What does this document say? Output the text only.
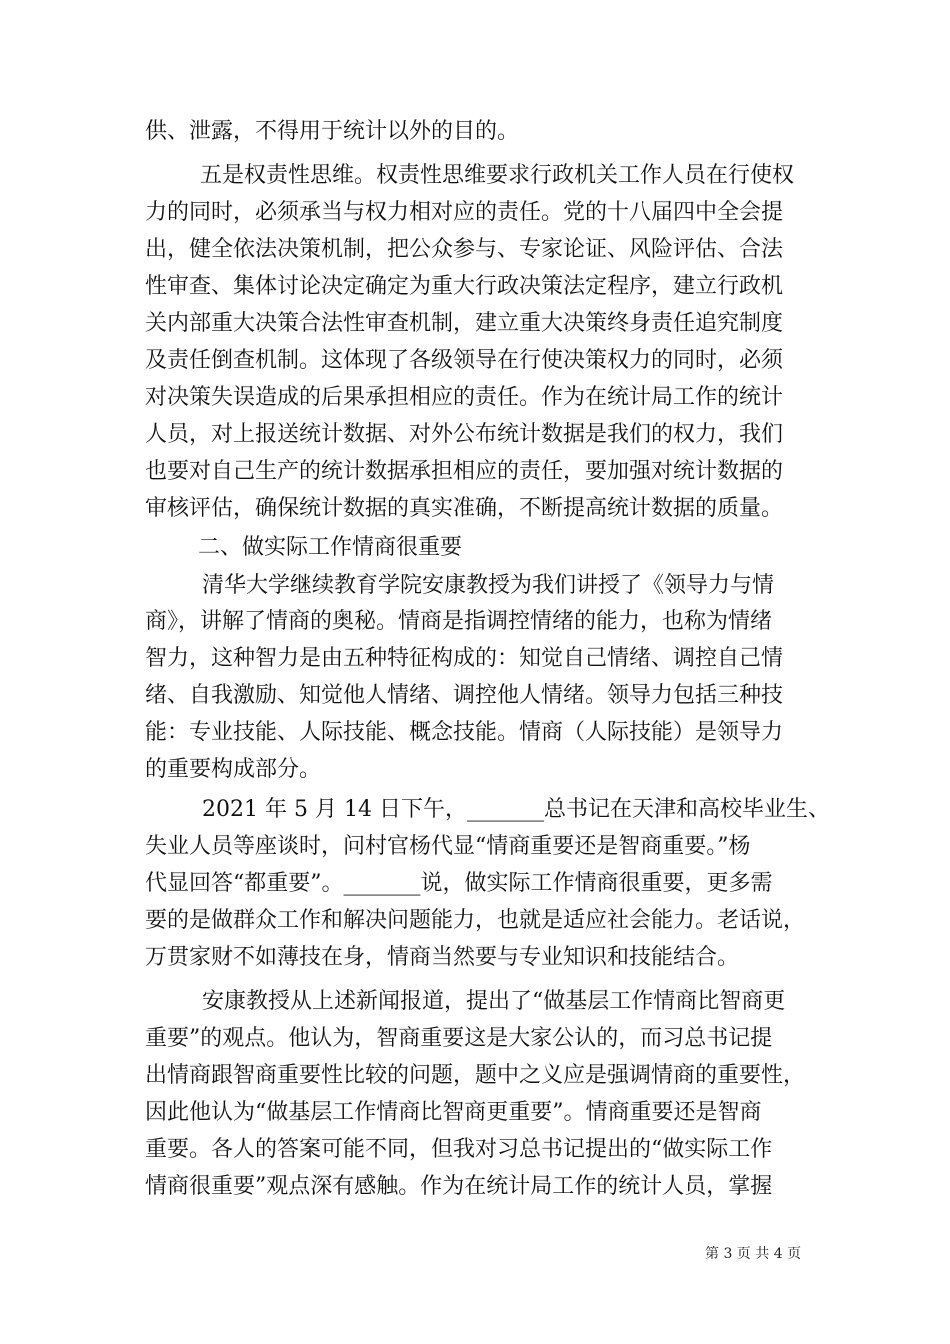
供、泄露，不得用于统计以外的目的。
五是权责性思维。权责性思维要求行政机关工作人员在行使权
力的同时，必须承当与权力相对应的责任。党的十八届四中全会提
出，健全依法决策机制，把公众参与、专家论证、风险评估、合法
性审查、集体讨论决定确定为重大行政决策法定程序，建立行政机
关内部重大决策合法性审查机制，建立重大决策终身责任追究制度
及责任倒查机制。这体现了各级领导在行使决策权力的同时，必须
对决策失误造成的后果承担相应的责任。作为在统计局工作的统计
人员，对上报送统计数据、对外公布统计数据是我们的权力，我们
也要对自己生产的统计数据承担相应的责任，要加强对统计数据的
审核评估，确保统计数据的真实准确，不断提高统计数据的质量。
二、做实际工作情商很重要
清华大学继续教育学院安康教授为我们讲授了《领导力与情
商》，讲解了情商的奥秘。情商是指调控情绪的能力，也称为情绪
智力，这种智力是由五种特征构成的：知觉自己情绪、调控自己情
绪、自我激励、知觉他人情绪、调控他人情绪。领导力包括三种技
能：专业技能、人际技能、概念技能。情商（人际技能）是领导力
的重要构成部分。
2021 年 5 月 14 日下午，_______总书记在天津和高校毕业生、
失业人员等座谈时，问村官杨代显“情商重要还是智商重要。”杨
代显回答“都重要”。_______说，做实际工作情商很重要，更多需
要的是做群众工作和解决问题能力，也就是适应社会能力。老话说，
万贯家财不如薄技在身，情商当然要与专业知识和技能结合。
安康教授从上述新闻报道，提出了“做基层工作情商比智商更
重要”的观点。他认为，智商重要这是大家公认的，而习总书记提
出情商跟智商重要性比较的问题，题中之义应是强调情商的重要性，
因此他认为“做基层工作情商比智商更重要”。情商重要还是智商
重要。各人的答案可能不同，但我对习总书记提出的“做实际工作
情商很重要”观点深有感触。作为在统计局工作的统计人员，掌握
第 3 页 共 4 页
